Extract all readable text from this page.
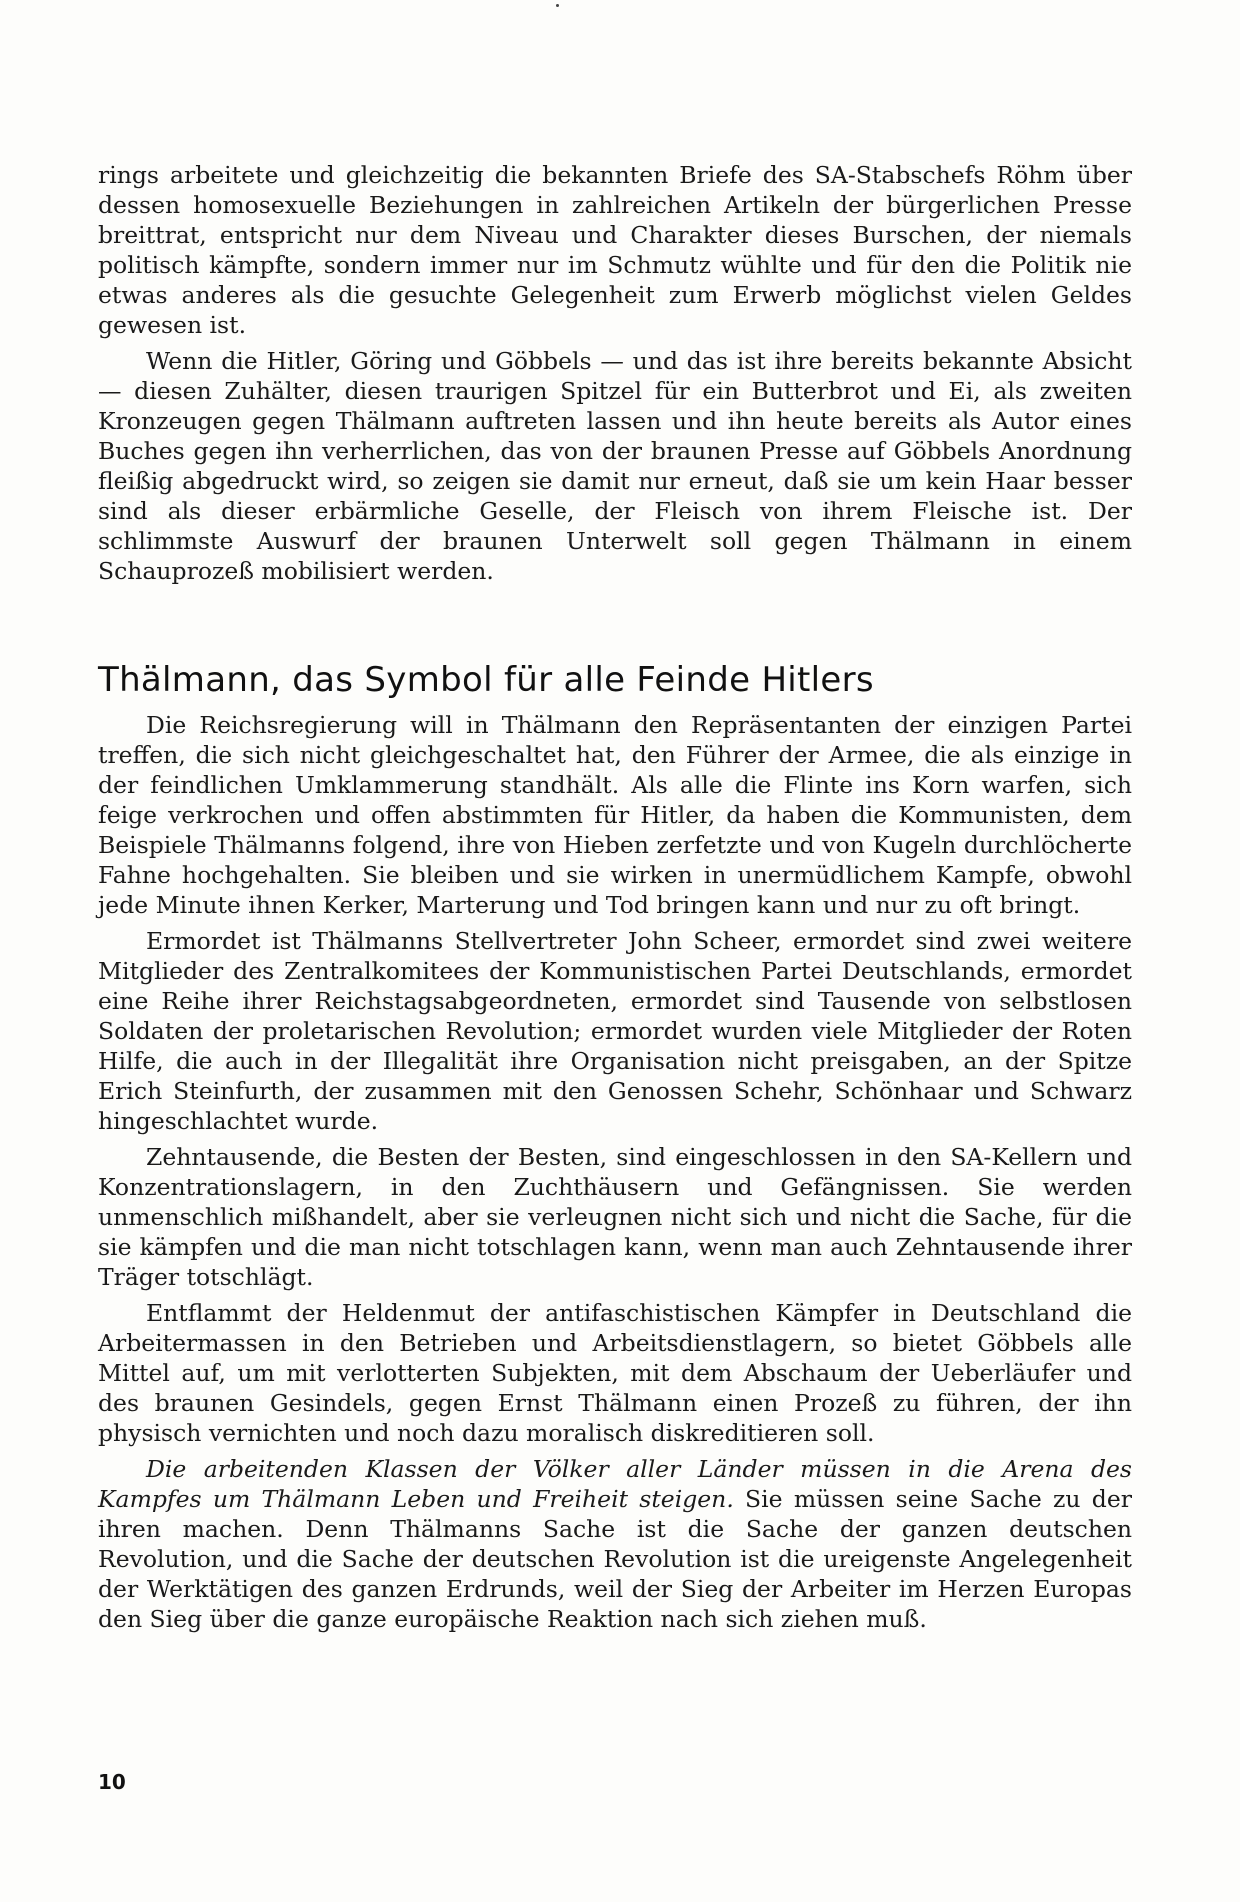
rings arbeitete und gleichzeitig die bekannten Briefe des SA-Stabschefs Röhm über dessen homosexuelle Beziehungen in zahlreichen Artikeln der bürgerlichen Presse breittrat, entspricht nur dem Niveau und Charakter dieses Burschen, der niemals politisch kämpfte, sondern immer nur im Schmutz wühlte und für den die Politik nie etwas anderes als die gesuchte Gelegenheit zum Erwerb möglichst vielen Geldes gewesen ist.

Wenn die Hitler, Göring und Göbbels — und das ist ihre bereits bekannte Absicht — diesen Zuhälter, diesen traurigen Spitzel für ein Butterbrot und Ei, als zweiten Kronzeugen gegen Thälmann auftreten lassen und ihn heute bereits als Autor eines Buches gegen ihn verherrlichen, das von der braunen Presse auf Göbbels Anordnung fleißig abgedruckt wird, so zeigen sie damit nur erneut, daß sie um kein Haar besser sind als dieser erbärmliche Geselle, der Fleisch von ihrem Fleische ist. Der schlimmste Auswurf der braunen Unterwelt soll gegen Thälmann in einem Schauprozeß mobilisiert werden.

Thälmann, das Symbol für alle Feinde Hitlers

Die Reichsregierung will in Thälmann den Repräsentanten der einzigen Partei treffen, die sich nicht gleichgeschaltet hat, den Führer der Armee, die als einzige in der feindlichen Umklammerung standhält. Als alle die Flinte ins Korn warfen, sich feige verkrochen und offen abstimmten für Hitler, da haben die Kommunisten, dem Beispiele Thälmanns folgend, ihre von Hieben zerfetzte und von Kugeln durchlöcherte Fahne hochgehalten. Sie bleiben und sie wirken in unermüdlichem Kampfe, obwohl jede Minute ihnen Kerker, Marterung und Tod bringen kann und nur zu oft bringt.

Ermordet ist Thälmanns Stellvertreter John Scheer, ermordet sind zwei weitere Mitglieder des Zentralkomitees der Kommunistischen Partei Deutschlands, ermordet eine Reihe ihrer Reichstagsabgeordneten, ermordet sind Tausende von selbstlosen Soldaten der proletarischen Revolution; ermordet wurden viele Mitglieder der Roten Hilfe, die auch in der Illegalität ihre Organisation nicht preisgaben, an der Spitze Erich Steinfurth, der zusammen mit den Genossen Schehr, Schönhaar und Schwarz hingeschlachtet wurde.

Zehntausende, die Besten der Besten, sind eingeschlossen in den SA-Kellern und Konzentrationslagern, in den Zuchthäusern und Gefängnissen. Sie werden unmenschlich mißhandelt, aber sie verleugnen nicht sich und nicht die Sache, für die sie kämpfen und die man nicht totschlagen kann, wenn man auch Zehntausende ihrer Träger totschlägt.

Entflammt der Heldenmut der antifaschistischen Kämpfer in Deutschland die Arbeitermassen in den Betrieben und Arbeitsdienstlagern, so bietet Göbbels alle Mittel auf, um mit verlotterten Subjekten, mit dem Abschaum der Ueberläufer und des braunen Gesindels, gegen Ernst Thälmann einen Prozeß zu führen, der ihn physisch vernichten und noch dazu moralisch diskreditieren soll.

Die arbeitenden Klassen der Völker aller Länder müssen in die Arena des Kampfes um Thälmann Leben und Freiheit steigen. Sie müssen seine Sache zu der ihren machen. Denn Thälmanns Sache ist die Sache der ganzen deutschen Revolution, und die Sache der deutschen Revolution ist die ureigenste Angelegenheit der Werktätigen des ganzen Erdrunds, weil der Sieg der Arbeiter im Herzen Europas den Sieg über die ganze europäische Reaktion nach sich ziehen muß.

10
